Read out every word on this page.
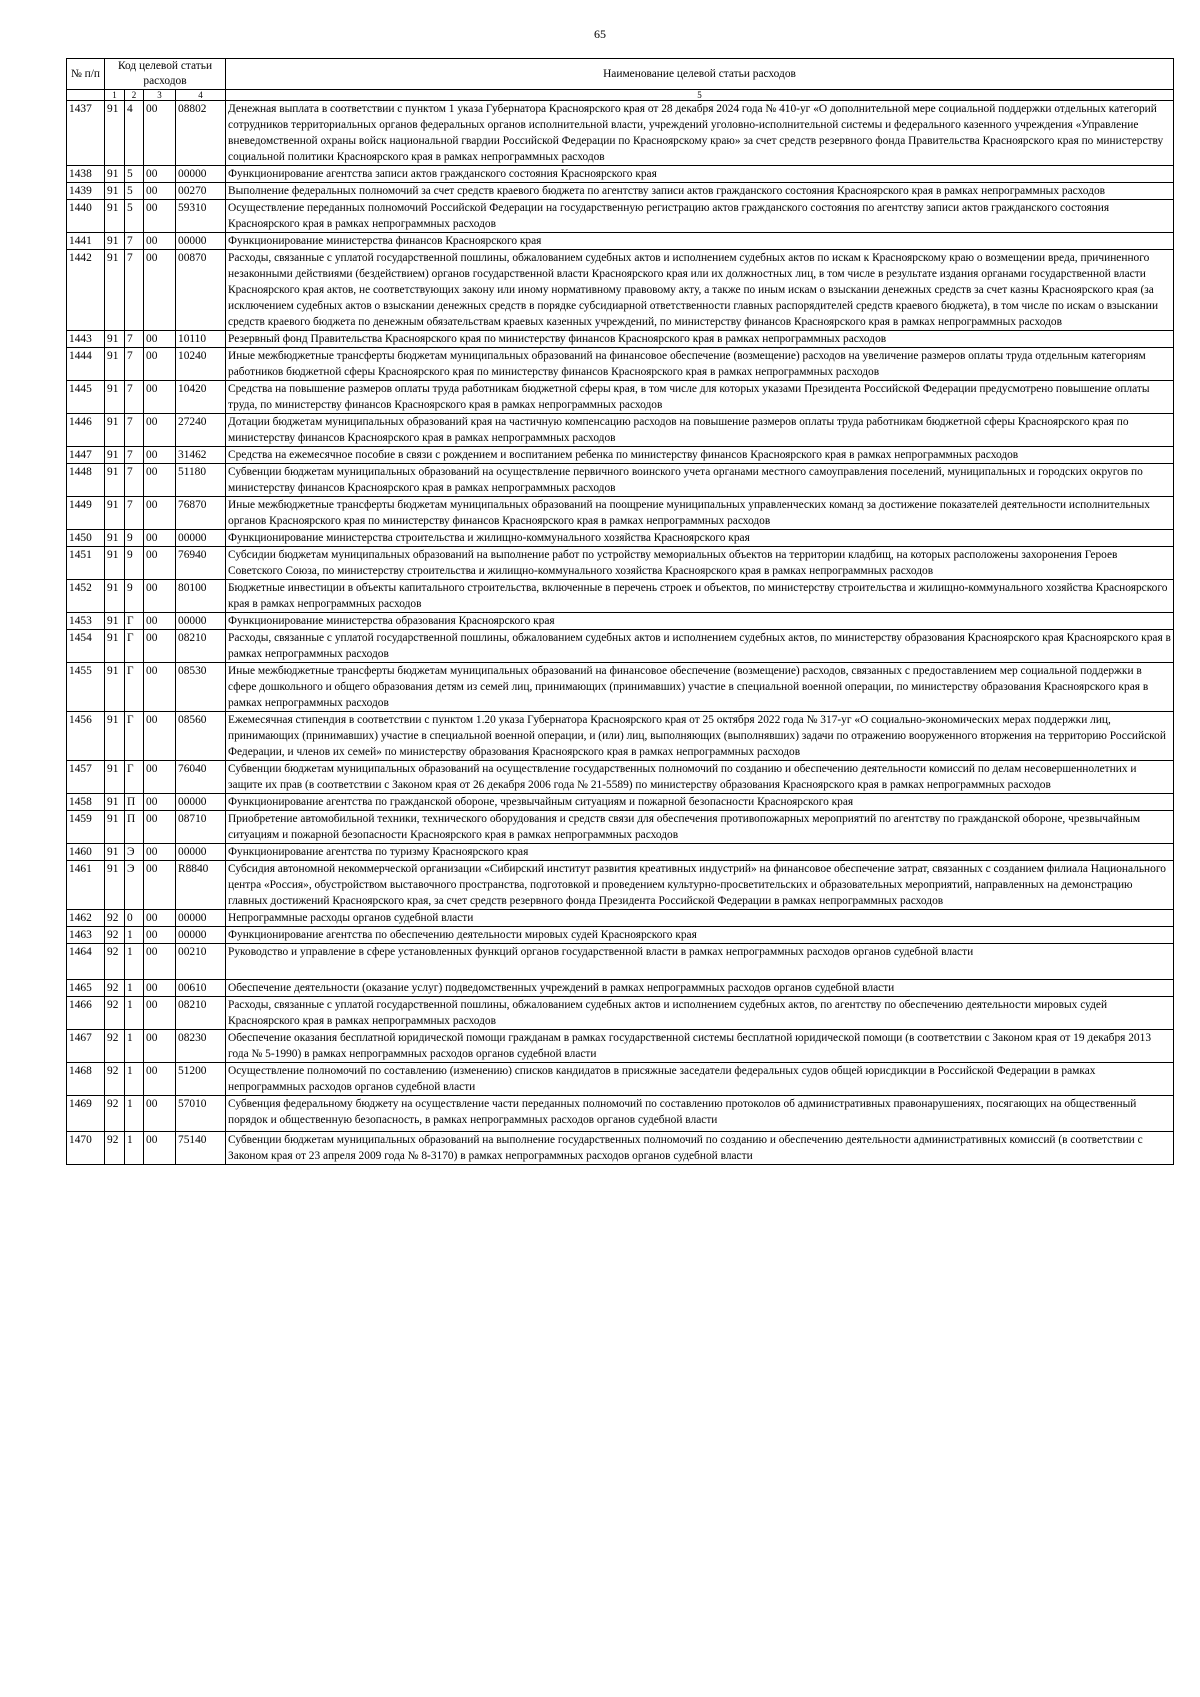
65
№ п/п	Код целевой статьи расходов				Наименование целевой статьи расходов

	1	2	3	4	5
1437	91	4	00	08802	Денежная выплата в соответствии с пунктом 1 указа Губернатора Красноярского края от 28 декабря 2024 года № 410-уг «О дополнительной мере социальной поддержки отдельных категорий сотрудников территориальных органов федеральных органов исполнительной власти, учреждений уголовно-исполнительной системы и федерального казенного учреждения «Управление вневедомственной охраны войск национальной гвардии Российской Федерации по Красноярскому краю» за счет средств резервного фонда Правительства Красноярского края по министерству социальной политики Красноярского края в рамках непрограммных расходов
1438	91	5	00	00000	Функционирование агентства записи актов гражданского состояния Красноярского края
1439	91	5	00	00270	Выполнение федеральных полномочий за счет средств краевого бюджета по агентству записи актов гражданского состояния Красноярского края в рамках непрограммных расходов
1440	91	5	00	59310	Осуществление переданных полномочий Российской Федерации на государственную регистрацию актов гражданского состояния по агентству записи актов гражданского состояния Красноярского края в рамках непрограммных расходов
1441	91	7	00	00000	Функционирование министерства финансов Красноярского края
1442	91	7	00	00870	Расходы, связанные с уплатой государственной пошлины, обжалованием судебных актов и исполнением судебных актов по искам к Красноярскому краю о возмещении вреда, причиненного незаконными действиями (бездействием) органов государственной власти Красноярского края или их должностных лиц, в том числе в результате издания органами государственной власти Красноярского края актов, не соответствующих закону или иному нормативному правовому акту, а также по иным искам о взыскании денежных средств за счет казны Красноярского края (за исключением судебных актов о взыскании денежных средств в порядке субсидиарной ответственности главных распорядителей средств краевого бюджета), в том числе по искам о взыскании средств краевого бюджета по денежным обязательствам краевых казенных учреждений, по министерству финансов Красноярского края в рамках непрограммных расходов
1443	91	7	00	10110	Резервный фонд Правительства Красноярского края по министерству финансов Красноярского края в рамках непрограммных расходов
1444	91	7	00	10240	Иные межбюджетные трансферты бюджетам муниципальных образований на финансовое обеспечение (возмещение) расходов на увеличение размеров оплаты труда отдельным категориям работников бюджетной сферы Красноярского края по министерству финансов Красноярского края в рамках непрограммных расходов
1445	91	7	00	10420	Средства на повышение размеров оплаты труда работникам бюджетной сферы края, в том числе для которых указами Президента Российской Федерации предусмотрено повышение оплаты труда, по министерству финансов Красноярского края в рамках непрограммных расходов
1446	91	7	00	27240	Дотации бюджетам муниципальных образований края на частичную компенсацию расходов на повышение размеров оплаты труда работникам бюджетной сферы Красноярского края по министерству финансов Красноярского края в рамках непрограммных расходов
1447	91	7	00	31462	Средства на ежемесячное пособие в связи с рождением и воспитанием ребенка по министерству финансов Красноярского края в рамках непрограммных расходов
1448	91	7	00	51180	Субвенции бюджетам муниципальных образований на осуществление первичного воинского учета органами местного самоуправления поселений, муниципальных и городских округов по министерству финансов Красноярского края в рамках непрограммных расходов
1449	91	7	00	76870	Иные межбюджетные трансферты бюджетам муниципальных образований на поощрение муниципальных управленческих команд за достижение показателей деятельности исполнительных органов Красноярского края по министерству финансов Красноярского края в рамках непрограммных расходов
1450	91	9	00	00000	Функционирование министерства строительства и жилищно-коммунального хозяйства Красноярского края
1451	91	9	00	76940	Субсидии бюджетам муниципальных образований на выполнение работ по устройству мемориальных объектов на территории кладбищ, на которых расположены захоронения Героев Советского Союза, по министерству строительства и жилищно-коммунального хозяйства Красноярского края в рамках непрограммных расходов
1452	91	9	00	80100	Бюджетные инвестиции в объекты капитального строительства, включенные в перечень строек и объектов, по министерству строительства и жилищно-коммунального хозяйства Красноярского края в рамках непрограммных расходов
1453	91	Г	00	00000	Функционирование министерства образования Красноярского края
1454	91	Г	00	08210	Расходы, связанные с уплатой государственной пошлины, обжалованием судебных актов и исполнением судебных актов, по министерству образования Красноярского края Красноярского края в рамках непрограммных расходов
1455	91	Г	00	08530	Иные межбюджетные трансферты бюджетам муниципальных образований на финансовое обеспечение (возмещение) расходов, связанных с предоставлением мер социальной поддержки в сфере дошкольного и общего образования детям из семей лиц, принимающих (принимавших) участие в специальной военной операции, по министерству образования Красноярского края в рамках непрограммных расходов
1456	91	Г	00	08560	Ежемесячная стипендия в соответствии с пунктом 1.20 указа Губернатора Красноярского края от 25 октября 2022 года № 317-уг «О социально-экономических мерах поддержки лиц, принимающих (принимавших) участие в специальной военной операции, и (или) лиц, выполняющих (выполнявших) задачи по отражению вооруженного вторжения на территорию Российской Федерации, и членов их семей» по министерству образования Красноярского края в рамках непрограммных расходов
1457	91	Г	00	76040	Субвенции бюджетам муниципальных образований на осуществление государственных полномочий по созданию и обеспечению деятельности комиссий по делам несовершеннолетних и защите их прав (в соответствии с Законом края от 26 декабря 2006 года № 21-5589) по министерству образования Красноярского края в рамках непрограммных расходов
1458	91	П	00	00000	Функционирование агентства по гражданской обороне, чрезвычайным ситуациям и пожарной безопасности Красноярского края
1459	91	П	00	08710	Приобретение автомобильной техники, технического оборудования и средств связи для обеспечения противопожарных мероприятий по агентству по гражданской обороне, чрезвычайным ситуациям и пожарной безопасности Красноярского края в рамках непрограммных расходов
1460	91	Э	00	00000	Функционирование агентства по туризму Красноярского края
1461	91	Э	00	R8840	Субсидия автономной некоммерческой организации «Сибирский институт развития креативных индустрий» на финансовое обеспечение затрат, связанных с созданием филиала Национального центра «Россия», обустройством выставочного пространства, подготовкой и проведением культурно-просветительских и образовательных мероприятий, направленных на демонстрацию главных достижений Красноярского края, за счет средств резервного фонда Президента Российской Федерации в рамках непрограммных расходов
1462	92	0	00	00000	Непрограммные расходы органов судебной власти
1463	92	1	00	00000	Функционирование агентства по обеспечению деятельности мировых судей Красноярского края
1464	92	1	00	00210	Руководство и управление в сфере установленных функций органов государственной власти в рамках непрограммных расходов органов судебной власти
1465	92	1	00	00610	Обеспечение деятельности (оказание услуг) подведомственных учреждений в рамках непрограммных расходов органов судебной власти
1466	92	1	00	08210	Расходы, связанные с уплатой государственной пошлины, обжалованием судебных актов и исполнением судебных актов, по агентству по обеспечению деятельности мировых судей Красноярского края в рамках непрограммных расходов
1467	92	1	00	08230	Обеспечение оказания бесплатной юридической помощи гражданам в рамках государственной системы бесплатной юридической помощи (в соответствии с Законом края от 19 декабря 2013 года № 5-1990) в рамках непрограммных расходов органов судебной власти
1468	92	1	00	51200	Осуществление полномочий по составлению (изменению) списков кандидатов в присяжные заседатели федеральных судов общей юрисдикции в Российской Федерации в рамках непрограммных расходов органов судебной власти
1469	92	1	00	57010	Субвенция федеральному бюджету на осуществление части переданных полномочий по составлению протоколов об административных правонарушениях, посягающих на общественный порядок и общественную безопасность, в рамках непрограммных расходов органов судебной власти
1470	92	1	00	75140	Субвенции бюджетам муниципальных образований на выполнение государственных полномочий по созданию и обеспечению деятельности административных комиссий (в соответствии с Законом края от 23 апреля 2009 года № 8-3170) в рамках непрограммных расходов органов судебной власти
